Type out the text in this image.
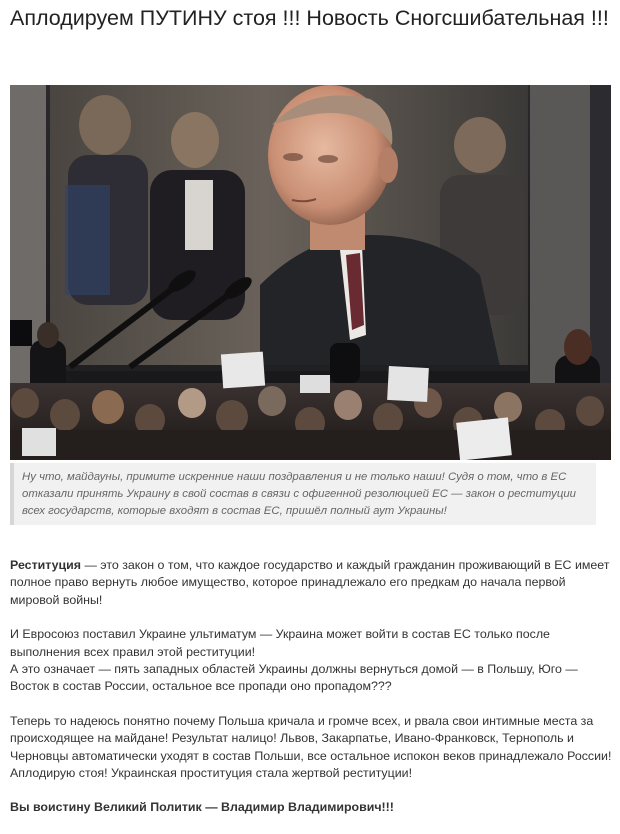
Аплодируем ПУТИНУ стоя !!! Новость Сногсшибательная !!!
Ну что, майдауны, примите искренние наши поздравления и не только наши! Судя о том, что в ЕС отказали принять Украину в свой состав в связи с офигенной резолюцией ЕС — закон о реституции всех государств, которые входят в состав ЕС, пришёл полный аут Украины!

Реституция — это закон о том, что каждое государство и каждый гражданин проживающий в ЕС имеет полное право вернуть любое имущество, которое принадлежало его предкам до начала первой мировой войны!

И Евросоюз поставил Украине ультиматум — Украина может войти в состав ЕС только после выполнения всех правил этой реституции!
А это означает — пять западных областей Украины должны вернуться домой — в Польшу, Юго — Восток в состав России, остальное все пропади оно пропадом???

Теперь то надеюсь понятно почему Польша кричала и громче всех, и рвала свои интимные места за происходящее на майдане! Результат налицо! Львов, Закарпатье, Ивано-Франковск, Тернополь и Черновцы автоматически уходят в состав Польши, все остальное испокон веков принадлежало России! Аплодирую стоя! Украинская проституция стала жертвой реституции!

Вы воистину Великий Политик — Владимир Владимирович!!!
